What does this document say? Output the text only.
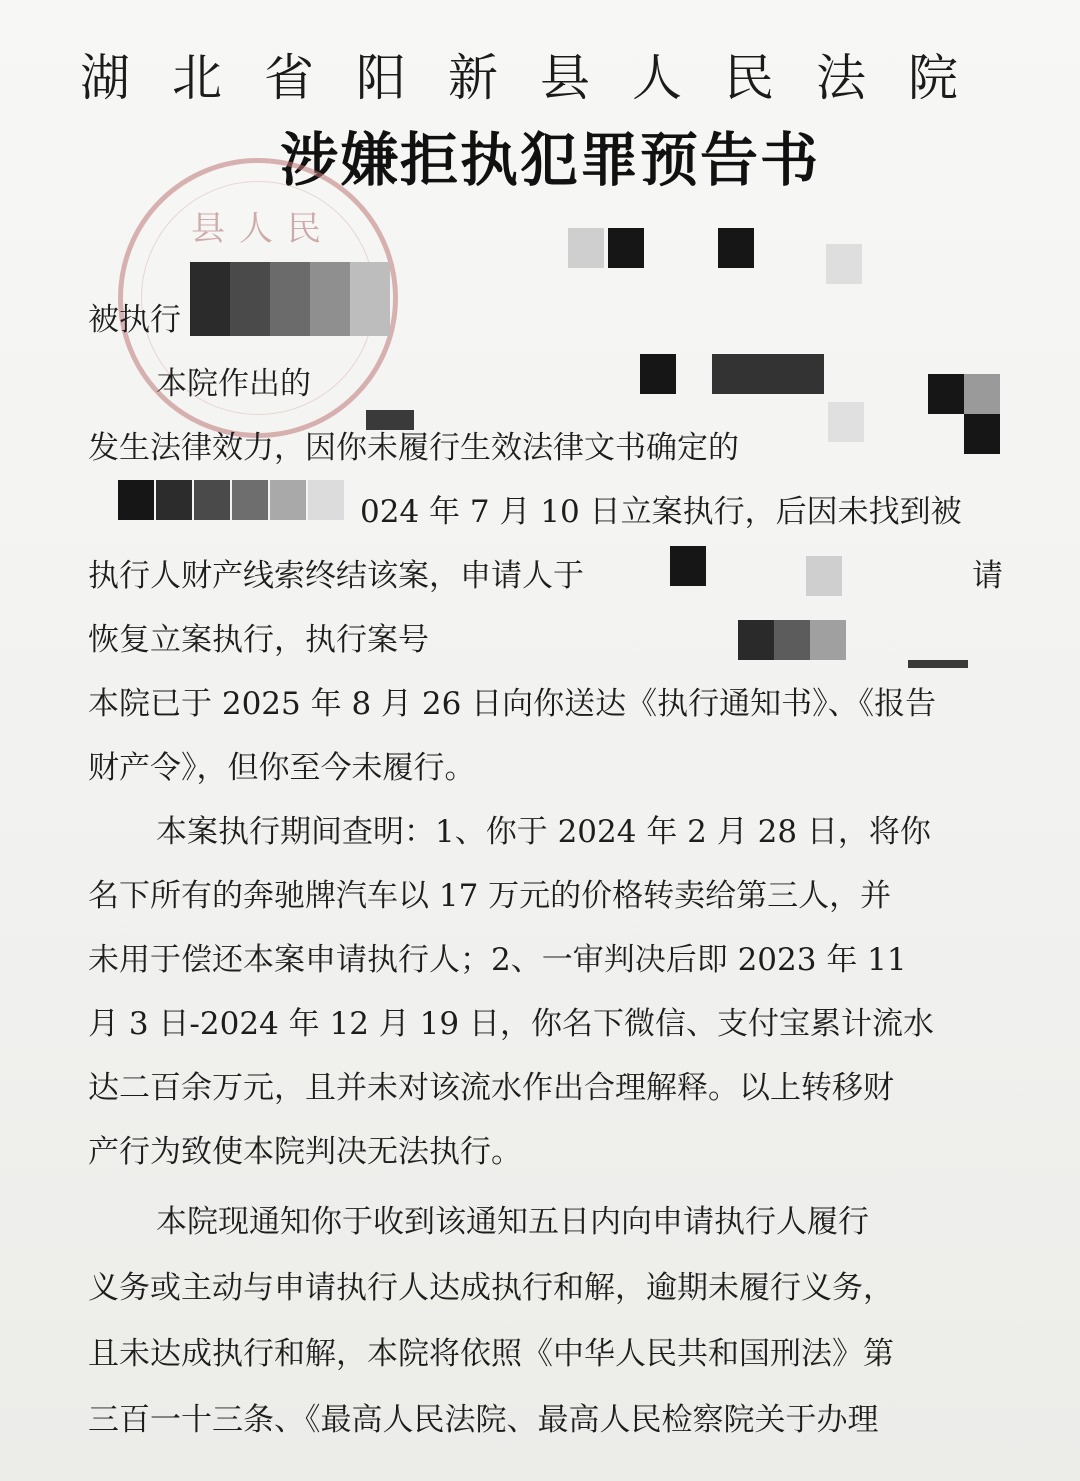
湖北省阳新县人民法院
涉嫌拒执犯罪预告书
县人民
被执行
本院作出的
发生法律效力，因你未履行生效法律文书确定的
024 年 7 月 10 日立案执行，后因未找到被
执行人财产线索终结该案，申请人于	请
恢复立案执行，执行案号
本院已于 2025 年 8 月 26 日向你送达《执行通知书》、《报告
财产令》，但你至今未履行。
本案执行期间查明：1、你于 2024 年 2 月 28 日，将你
名下所有的奔驰牌汽车以 17 万元的价格转卖给第三人，并
未用于偿还本案申请执行人；2、一审判决后即 2023 年 11
月 3 日-2024 年 12 月 19 日，你名下微信、支付宝累计流水
达二百余万元，且并未对该流水作出合理解释。以上转移财
产行为致使本院判决无法执行。
本院现通知你于收到该通知五日内向申请执行人履行
义务或主动与申请执行人达成执行和解，逾期未履行义务，
且未达成执行和解，本院将依照《中华人民共和国刑法》第
三百一十三条、《最高人民法院、最高人民检察院关于办理
